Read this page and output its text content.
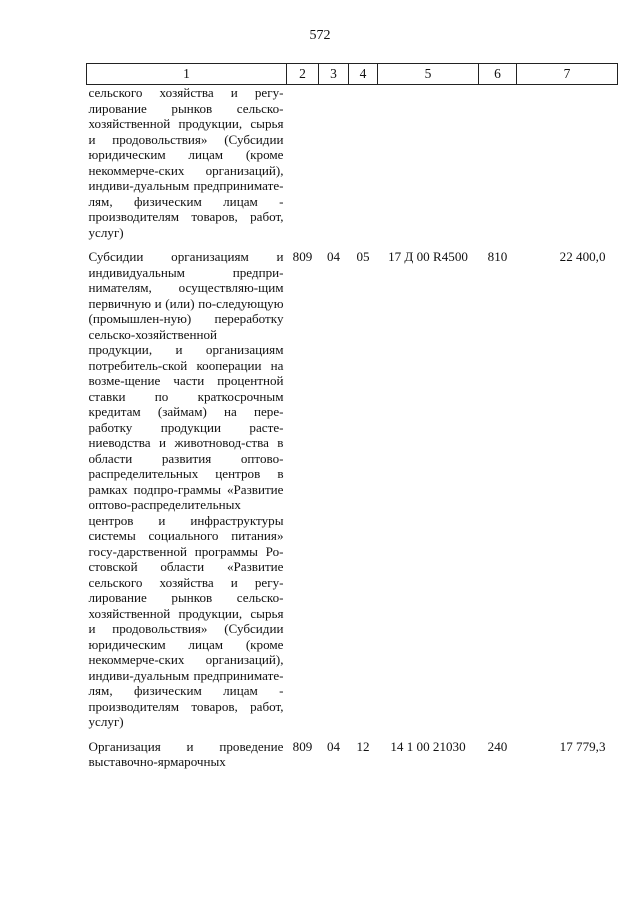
572
1	2	3	4	5	6	7
сельского хозяйства и регу-лирование рынков сельско-хозяйственной продукции, сырья и продовольствия» (Субсидии юридическим лицам (кроме некоммерче-ских организаций), индиви-дуальным предпринимате-лям, физическим лицам - производителям товаров, работ, услуг)						
Субсидии организациям и индивидуальным предпри-нимателям, осуществляю-щим первичную и (или) по-следующую (промышлен-ную) переработку сельско-хозяйственной продукции, и организациям потребитель-ской кооперации на возме-щение части процентной ставки по краткосрочным кредитам (займам) на пере-работку продукции расте-ниеводства и животновод-ства в области развития оптово-распределительных центров в рамках подпро-граммы «Развитие оптово-распределительных центров и инфраструктуры системы социального питания» госу-дарственной программы Ро-стовской области «Развитие сельского хозяйства и регу-лирование рынков сельско-хозяйственной продукции, сырья и продовольствия» (Субсидии юридическим лицам (кроме некоммерче-ских организаций), индиви-дуальным предпринимате-лям, физическим лицам - производителям товаров, работ, услуг)	809	04	05	17 Д 00 R4500	810	22 400,0
Организация и проведение выставочно-ярмарочных	809	04	12	14 1 00 21030	240	17 779,3
